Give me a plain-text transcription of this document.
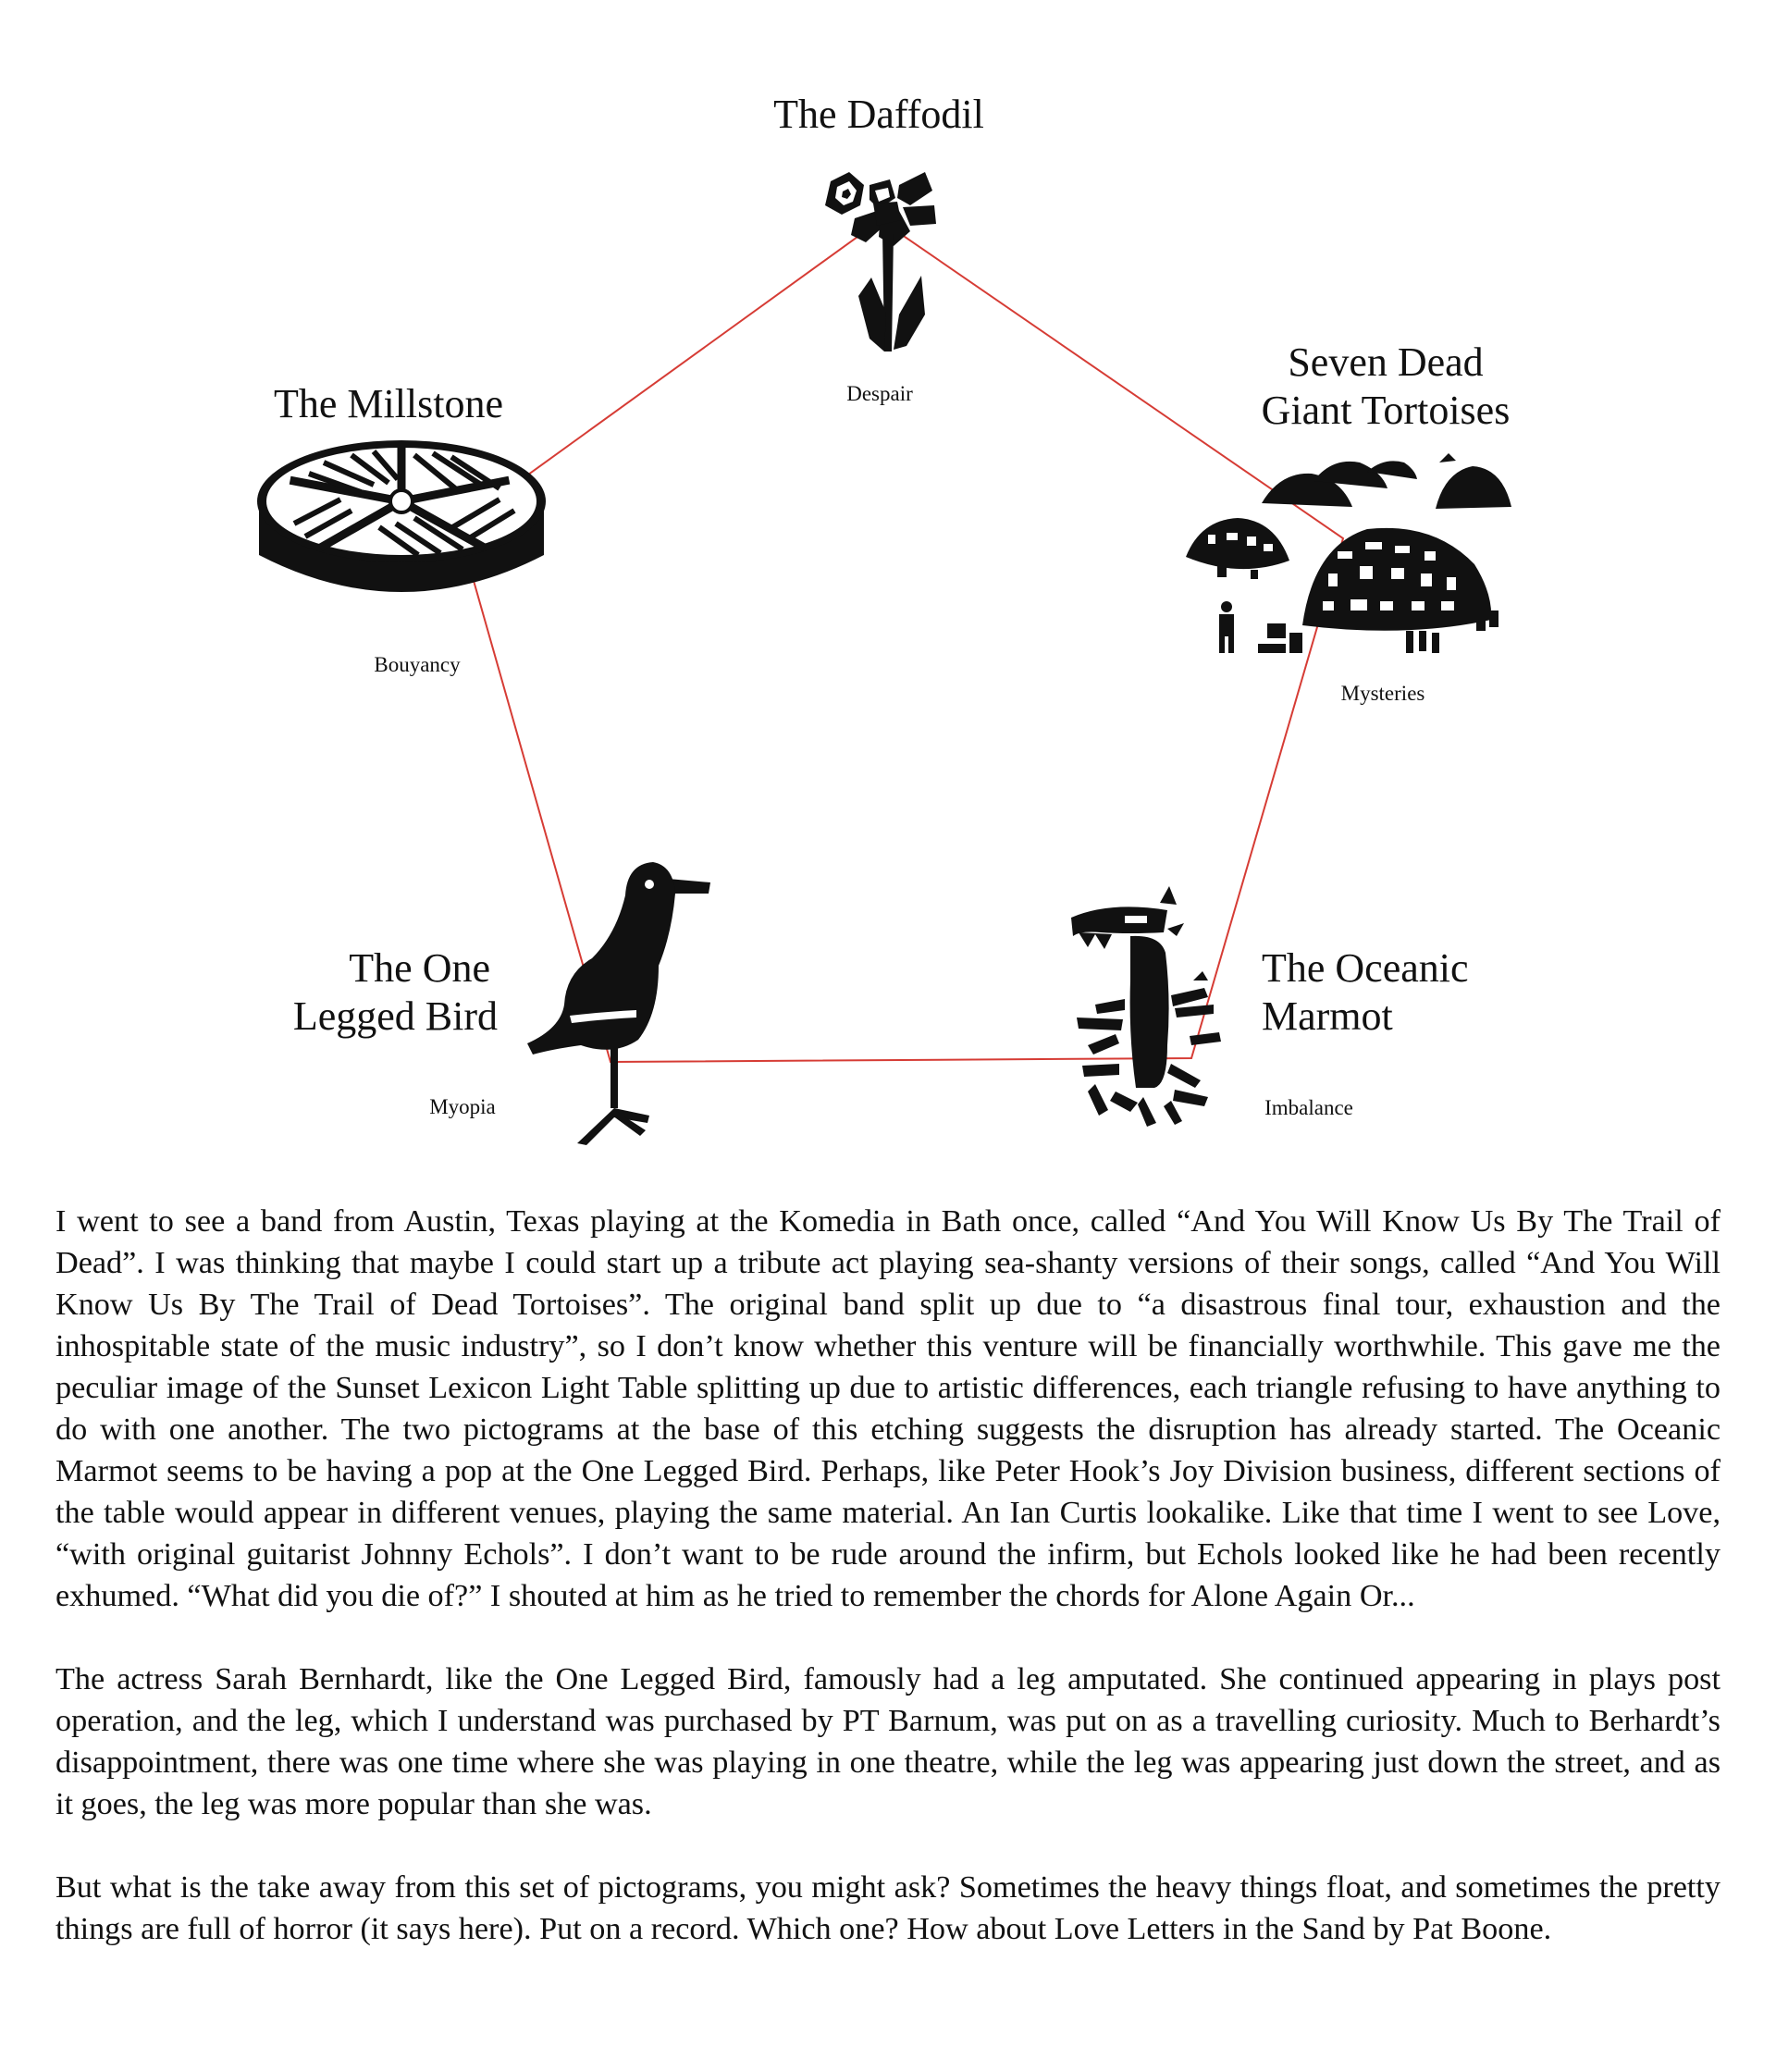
The Daffodil
Despair
The Millstone
Bouyancy
Seven Dead
Giant Tortoises
Mysteries
The One
Legged Bird
Myopia
The Oceanic
Marmot
Imbalance

I went to see a band from Austin, Texas playing at the Komedia in Bath once, called “And You Will Know Us By The Trail of Dead”. I was thinking that maybe I could start up a tribute act playing sea-shanty versions of their songs, called “And You Will Know Us By The Trail of Dead Tortoises”. The original band split up due to “a disastrous final tour, exhaustion and the inhospitable state of the music industry”, so I don’t know whether this venture will be financially worthwhile. This gave me the peculiar image of the Sunset Lexicon Light Table splitting up due to artistic differences, each triangle refusing to have anything to do with one another. The two pictograms at the base of this etching suggests the disruption has already started. The Oceanic Marmot seems to be having a pop at the One Legged Bird. Perhaps, like Peter Hook’s Joy Division business, different sections of the table would appear in different venues, playing the same material. An Ian Curtis lookalike. Like that time I went to see Love, “with original guitarist Johnny Echols”. I don’t want to be rude around the infirm, but Echols looked like he had been recently exhumed. “What did you die of?” I shouted at him as he tried to remember the chords for Alone Again Or...

The actress Sarah Bernhardt, like the One Legged Bird, famously had a leg amputated. She continued appearing in plays post operation, and the leg, which I understand was purchased by PT Barnum, was put on as a travelling curiosity. Much to Berhardt’s disappointment, there was one time where she was playing in one theatre, while the leg was appearing just down the street, and as it goes, the leg was more popular than she was.

But what is the take away from this set of pictograms, you might ask? Sometimes the heavy things float, and sometimes the pretty things are full of horror (it says here). Put on a record. Which one? How about Love Letters in the Sand by Pat Boone.
